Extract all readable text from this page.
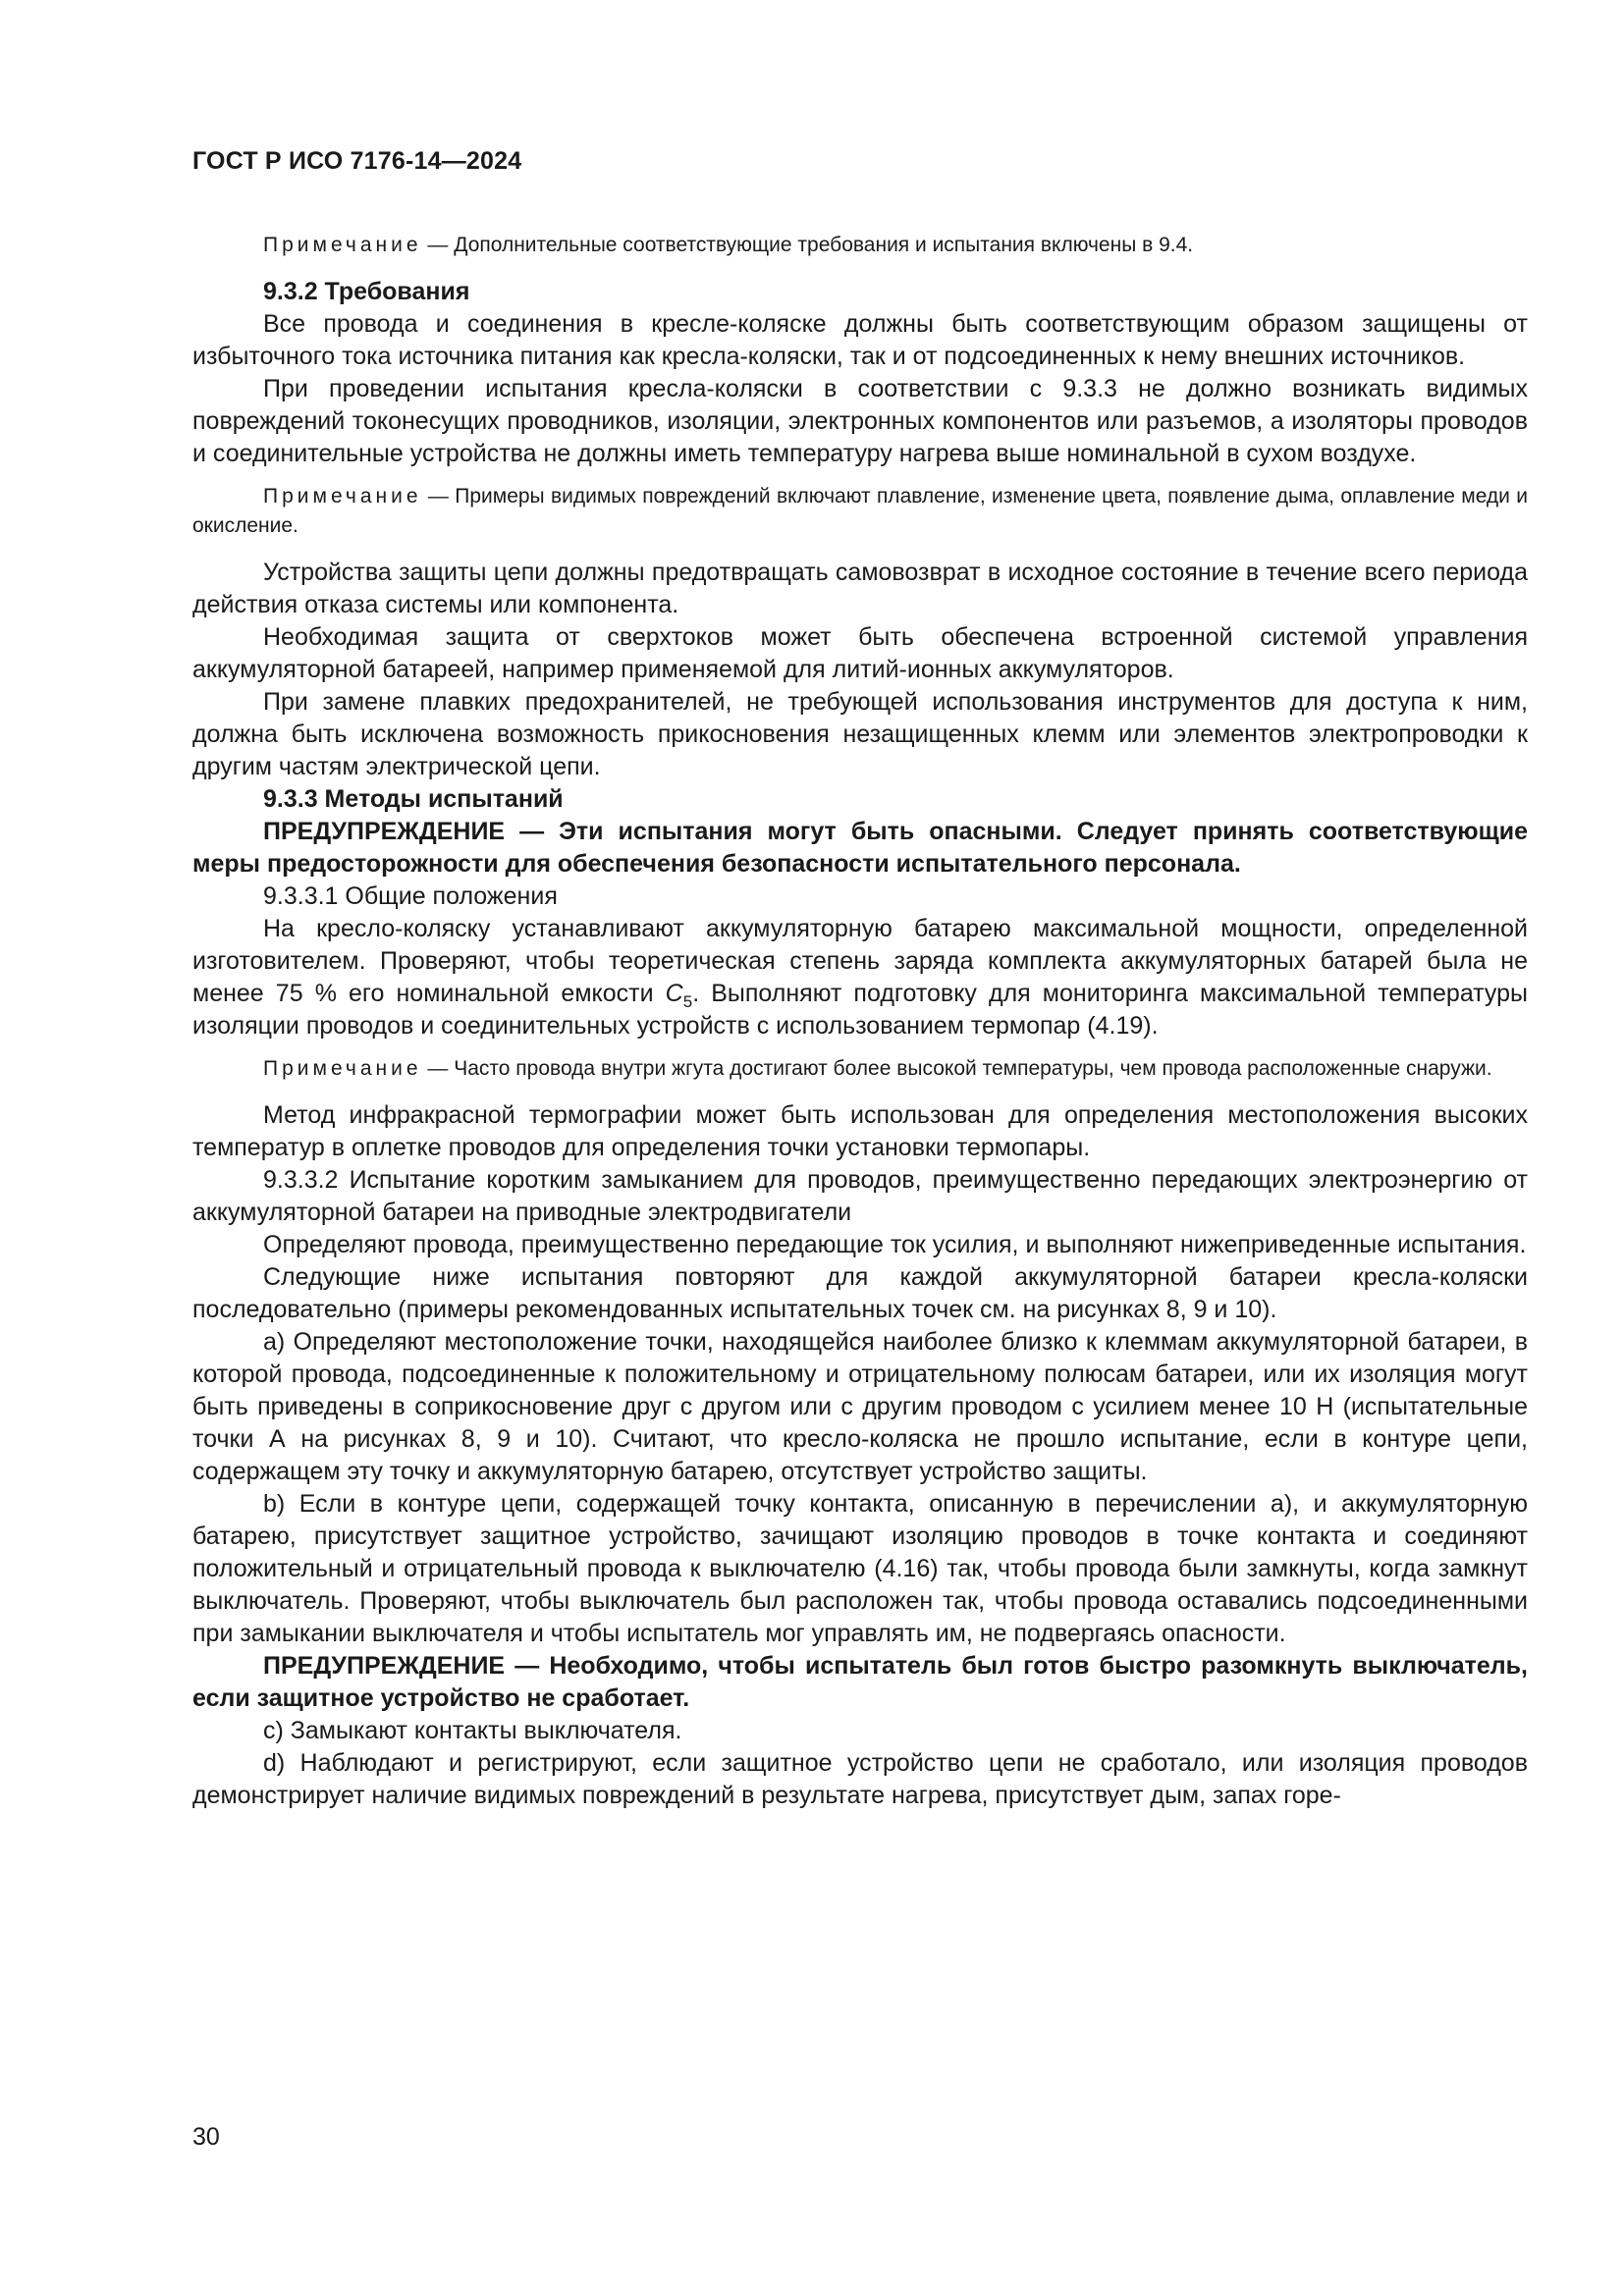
ГОСТ Р ИСО 7176-14—2024

Примечание — Дополнительные соответствующие требования и испытания включены в 9.4.

9.3.2 Требования

Все провода и соединения в кресле-коляске должны быть соответствующим образом защищены от избыточного тока источника питания как кресла-коляски, так и от подсоединенных к нему внешних источников.

При проведении испытания кресла-коляски в соответствии с 9.3.3 не должно возникать видимых повреждений токонесущих проводников, изоляции, электронных компонентов или разъемов, а изоляторы проводов и соединительные устройства не должны иметь температуру нагрева выше номинальной в сухом воздухе.

Примечание — Примеры видимых повреждений включают плавление, изменение цвета, появление дыма, оплавление меди и окисление.

Устройства защиты цепи должны предотвращать самовозврат в исходное состояние в течение всего периода действия отказа системы или компонента.

Необходимая защита от сверхтоков может быть обеспечена встроенной системой управления аккумуляторной батареей, например применяемой для литий-ионных аккумуляторов.

При замене плавких предохранителей, не требующей использования инструментов для доступа к ним, должна быть исключена возможность прикосновения незащищенных клемм или элементов электропроводки к другим частям электрической цепи.

9.3.3 Методы испытаний

ПРЕДУПРЕЖДЕНИЕ — Эти испытания могут быть опасными. Следует принять соответствующие меры предосторожности для обеспечения безопасности испытательного персонала.

9.3.3.1 Общие положения

На кресло-коляску устанавливают аккумуляторную батарею максимальной мощности, определенной изготовителем. Проверяют, чтобы теоретическая степень заряда комплекта аккумуляторных батарей была не менее 75 % его номинальной емкости $C_5$. Выполняют подготовку для мониторинга максимальной температуры изоляции проводов и соединительных устройств с использованием термопар (4.19).

Примечание — Часто провода внутри жгута достигают более высокой температуры, чем провода расположенные снаружи.

Метод инфракрасной термографии может быть использован для определения местоположения высоких температур в оплетке проводов для определения точки установки термопары.

9.3.3.2 Испытание коротким замыканием для проводов, преимущественно передающих электроэнергию от аккумуляторной батареи на приводные электродвигатели

Определяют провода, преимущественно передающие ток усилия, и выполняют нижеприведенные испытания.

Следующие ниже испытания повторяют для каждой аккумуляторной батареи кресла-коляски последовательно (примеры рекомендованных испытательных точек см. на рисунках 8, 9 и 10).

а) Определяют местоположение точки, находящейся наиболее близко к клеммам аккумуляторной батареи, в которой провода, подсоединенные к положительному и отрицательному полюсам батареи, или их изоляция могут быть приведены в соприкосновение друг с другом или с другим проводом с усилием менее 10 Н (испытательные точки А на рисунках 8, 9 и 10). Считают, что кресло-коляска не прошло испытание, если в контуре цепи, содержащем эту точку и аккумуляторную батарею, отсутствует устройство защиты.

b) Если в контуре цепи, содержащей точку контакта, описанную в перечислении а), и аккумуляторную батарею, присутствует защитное устройство, зачищают изоляцию проводов в точке контакта и соединяют положительный и отрицательный провода к выключателю (4.16) так, чтобы провода были замкнуты, когда замкнут выключатель. Проверяют, чтобы выключатель был расположен так, чтобы провода оставались подсоединенными при замыкании выключателя и чтобы испытатель мог управлять им, не подвергаясь опасности.

ПРЕДУПРЕЖДЕНИЕ — Необходимо, чтобы испытатель был готов быстро разомкнуть выключатель, если защитное устройство не сработает.

с) Замыкают контакты выключателя.

d) Наблюдают и регистрируют, если защитное устройство цепи не сработало, или изоляция проводов демонстрирует наличие видимых повреждений в результате нагрева, присутствует дым, запах горе-

30
